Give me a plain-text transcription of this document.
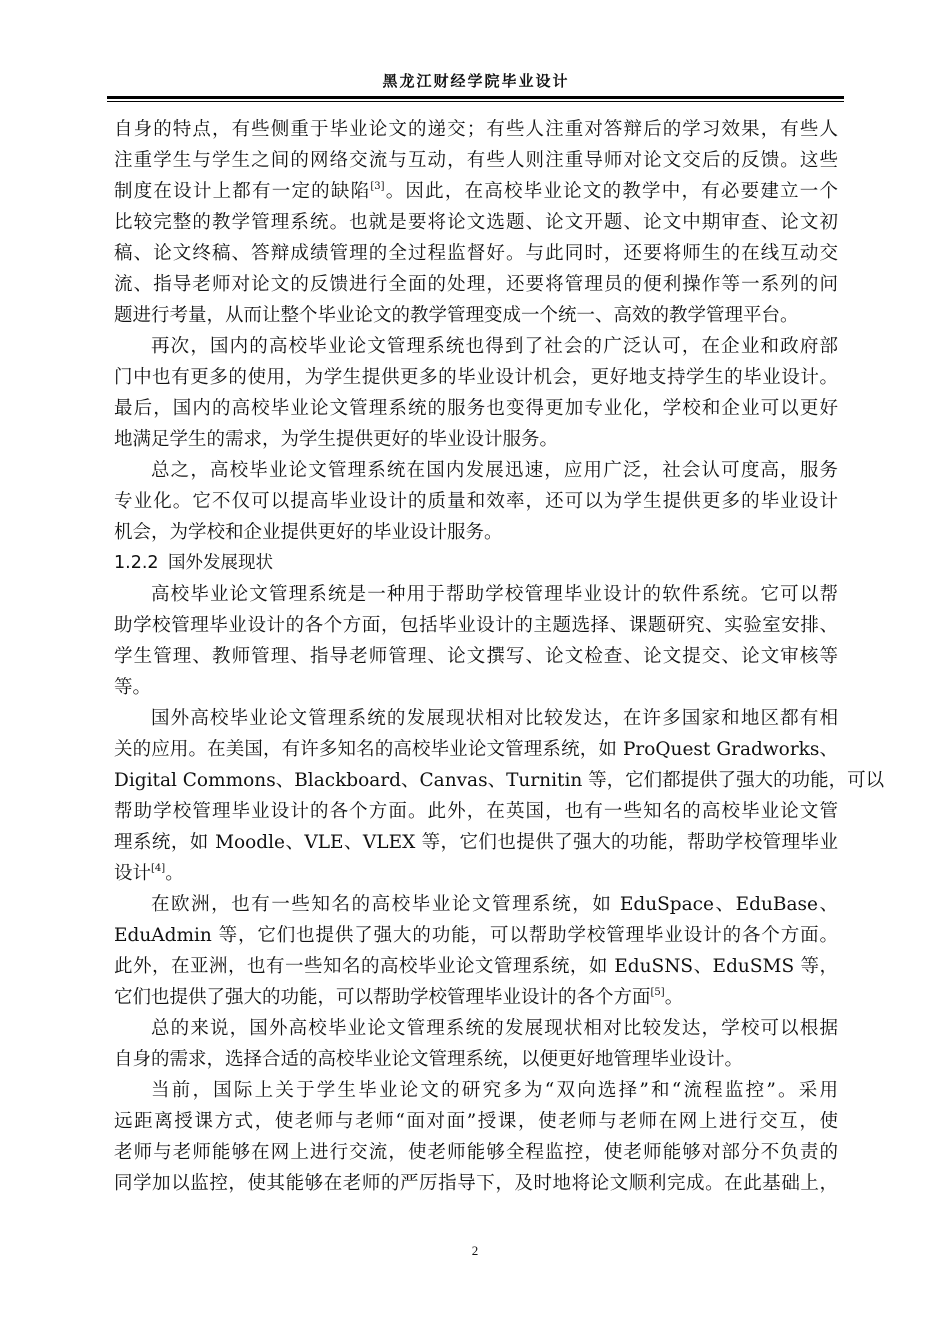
黑龙江财经学院毕业设计
自身的特点，有些侧重于毕业论文的递交；有些人注重对答辩后的学习效果，有些人
注重学生与学生之间的网络交流与互动，有些人则注重导师对论文交后的反馈。这些
制度在设计上都有一定的缺陷[3]。因此，在高校毕业论文的教学中，有必要建立一个
比较完整的教学管理系统。也就是要将论文选题、论文开题、论文中期审查、论文初
稿、论文终稿、答辩成绩管理的全过程监督好。与此同时，还要将师生的在线互动交
流、指导老师对论文的反馈进行全面的处理，还要将管理员的便利操作等一系列的问
题进行考量，从而让整个毕业论文的教学管理变成一个统一、高效的教学管理平台。
再次，国内的高校毕业论文管理系统也得到了社会的广泛认可，在企业和政府部
门中也有更多的使用，为学生提供更多的毕业设计机会，更好地支持学生的毕业设计。
最后，国内的高校毕业论文管理系统的服务也变得更加专业化，学校和企业可以更好
地满足学生的需求，为学生提供更好的毕业设计服务。
总之，高校毕业论文管理系统在国内发展迅速，应用广泛，社会认可度高，服务
专业化。它不仅可以提高毕业设计的质量和效率，还可以为学生提供更多的毕业设计
机会，为学校和企业提供更好的毕业设计服务。
1.2.2 国外发展现状
高校毕业论文管理系统是一种用于帮助学校管理毕业设计的软件系统。它可以帮
助学校管理毕业设计的各个方面，包括毕业设计的主题选择、课题研究、实验室安排、
学生管理、教师管理、指导老师管理、论文撰写、论文检查、论文提交、论文审核等
等。
国外高校毕业论文管理系统的发展现状相对比较发达，在许多国家和地区都有相
关的应用。在美国，有许多知名的高校毕业论文管理系统，如 ProQuest Gradworks、
Digital Commons、Blackboard、Canvas、Turnitin 等，它们都提供了强大的功能，可以
帮助学校管理毕业设计的各个方面。此外，在英国，也有一些知名的高校毕业论文管
理系统，如 Moodle、VLE、VLEX 等，它们也提供了强大的功能，帮助学校管理毕业
设计[4]。
在欧洲，也有一些知名的高校毕业论文管理系统，如 EduSpace、EduBase、
EduAdmin 等，它们也提供了强大的功能，可以帮助学校管理毕业设计的各个方面。
此外，在亚洲，也有一些知名的高校毕业论文管理系统，如 EduSNS、EduSMS 等，
它们也提供了强大的功能，可以帮助学校管理毕业设计的各个方面[5]。
总的来说，国外高校毕业论文管理系统的发展现状相对比较发达，学校可以根据
自身的需求，选择合适的高校毕业论文管理系统，以便更好地管理毕业设计。
当前，国际上关于学生毕业论文的研究多为“双向选择”和“流程监控”。采用
远距离授课方式，使老师与老师“面对面”授课，使老师与老师在网上进行交互，使
老师与老师能够在网上进行交流，使老师能够全程监控，使老师能够对部分不负责的
同学加以监控，使其能够在老师的严厉指导下，及时地将论文顺利完成。在此基础上，
2
